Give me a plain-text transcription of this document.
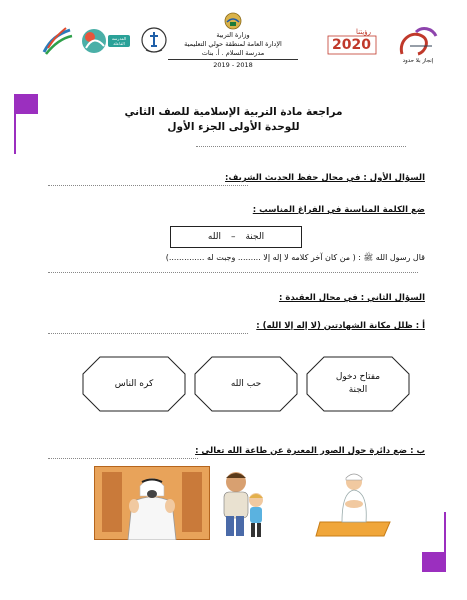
المدرسة الفاعلة
وزارة التربية
الإدارة العامة لمنطقة حولي التعليمية
مدرسة السلام . أ. بنات
2018 - 2019
رؤيتنا
2020
إنجاز بلا حدود
مراجعة مادة التربية الإسلامية للصف الثاني
للوحدة الأولى الجزء الأول
السؤال الأول : في مجال حفظ الحديث الشريف:
ضع الكلمة المناسبة في الفراغ المناسب :
الجنة
–
الله
قال رسول الله ﷺ : ( من كان آخر كلامه لا إله إلا ......... وجبت له ..............)
السؤال الثاني : في مجال العقيدة :
أ : ظلل مكانة الشهادتين (لا إله إلا الله) :
مفتاح دخول الجنة
حب الله
كره الناس
ب : ضع دائرة حول الصور المعبرة عن طاعة الله تعالى :
